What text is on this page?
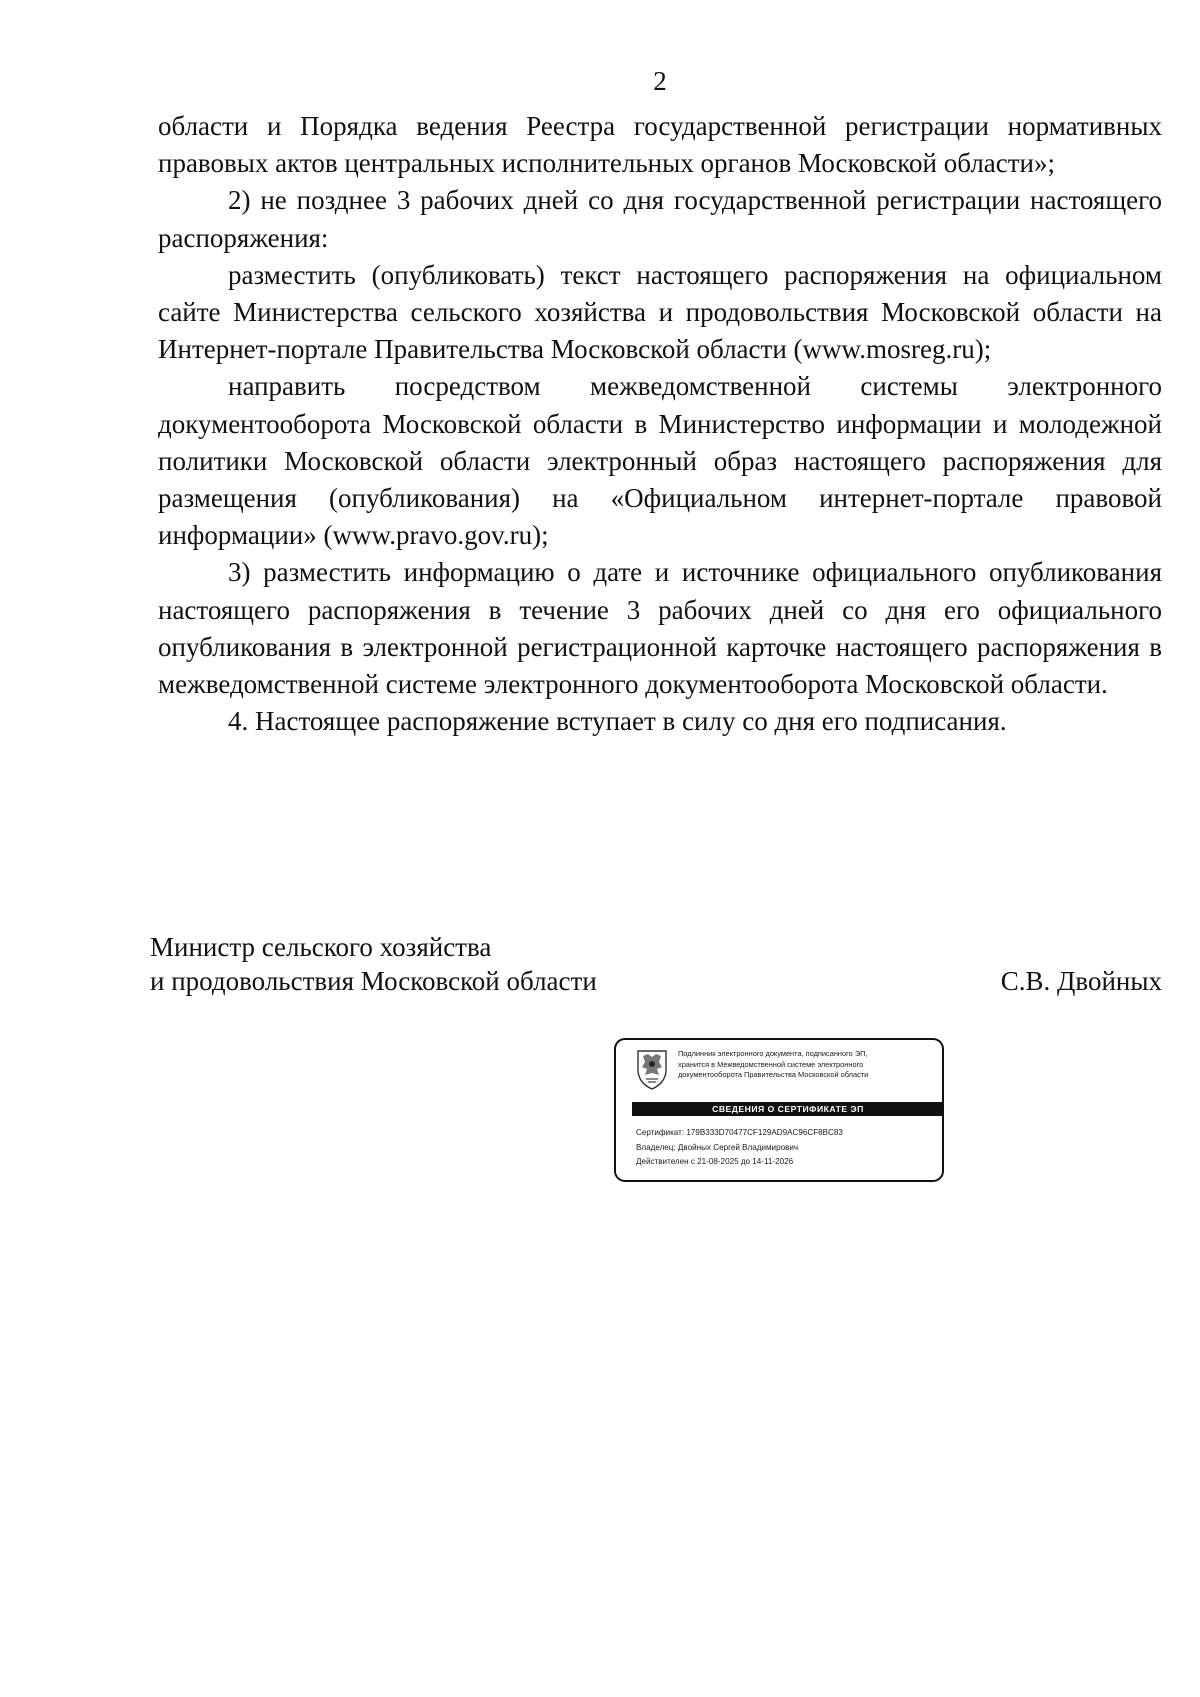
2

области и Порядка ведения Реестра государственной регистрации нормативных правовых актов центральных исполнительных органов Московской области»;

2) не позднее 3 рабочих дней со дня государственной регистрации настоящего распоряжения:

разместить (опубликовать) текст настоящего распоряжения на официальном сайте Министерства сельского хозяйства и продовольствия Московской области на Интернет-портале Правительства Московской области (www.mosreg.ru);

направить посредством межведомственной системы электронного документооборота Московской области в Министерство информации и молодежной политики Московской области электронный образ настоящего распоряжения для размещения (опубликования) на «Официальном интернет-портале правовой информации» (www.pravo.gov.ru);

3) разместить информацию о дате и источнике официального опубликования настоящего распоряжения в течение 3 рабочих дней со дня его официального опубликования в электронной регистрационной карточке настоящего распоряжения в межведомственной системе электронного документооборота Московской области.

4. Настоящее распоряжение вступает в силу со дня его подписания.

Министр сельского хозяйства
и продовольствия Московской области	С.В. Двойных
Подлинник электронного документа, подписанного ЭП,
хранится в Межведомственной системе электронного
документооборота Правительства Московской области
СВЕДЕНИЯ О СЕРТИФИКАТЕ ЭП
Сертификат: 179B333D70477CF129AD9AC96CF8BC83
Владелец: Двойных Сергей Владимирович
Действителен с 21-08-2025 до 14-11-2026
